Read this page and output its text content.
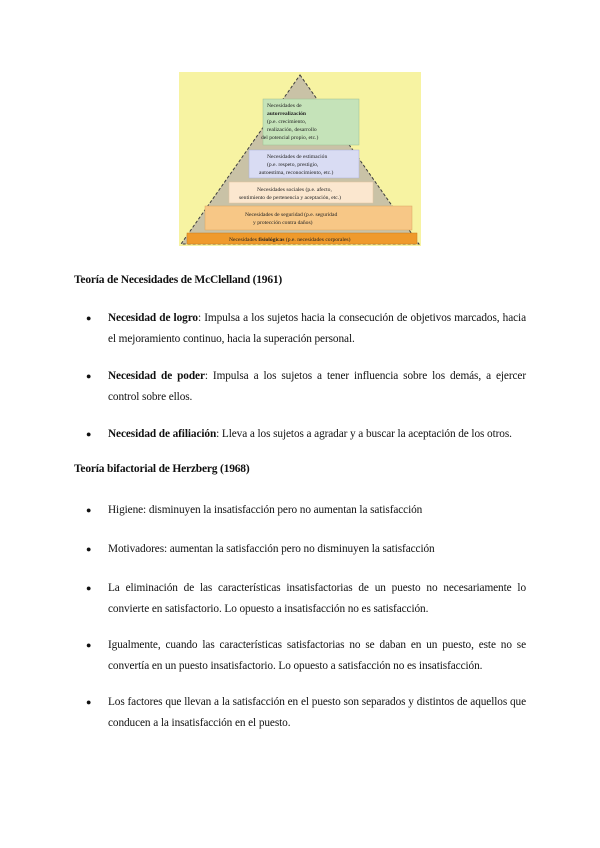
Necesidades de
autorrealización
(p.e. crecimiento,
realización, desarrollo
del potencial propio, etc.)
Necesidades de estimación
(p.e. respeto, prestigio,
autoestima, reconocimiento, etc.)
Necesidades sociales (p.e. afecto,
sentimiento de pertenencia y aceptación, etc.)
Necesidades de seguridad (p.e. seguridad
y protección contra daños)
Necesidades fisiológicas (p.e. necesidades corporales)
Teoría de Necesidades de McClelland (1961)
● Necesidad de logro: Impulsa a los sujetos hacia la consecución de objetivos marcados, hacia el mejoramiento continuo, hacia la superación personal.
● Necesidad de poder: Impulsa a los sujetos a tener influencia sobre los demás, a ejercer control sobre ellos.
● Necesidad de afiliación: Lleva a los sujetos a agradar y a buscar la aceptación de los otros.
Teoría bifactorial de Herzberg (1968)
● Higiene: disminuyen la insatisfacción pero no aumentan la satisfacción
● Motivadores: aumentan la satisfacción pero no disminuyen la satisfacción
● La eliminación de las características insatisfactorias de un puesto no necesariamente lo convierte en satisfactorio. Lo opuesto a insatisfacción no es satisfacción.
● Igualmente, cuando las características satisfactorias no se daban en un puesto, este no se convertía en un puesto insatisfactorio. Lo opuesto a satisfacción no es insatisfacción.
● Los factores que llevan a la satisfacción en el puesto son separados y distintos de aquellos que conducen a la insatisfacción en el puesto.
